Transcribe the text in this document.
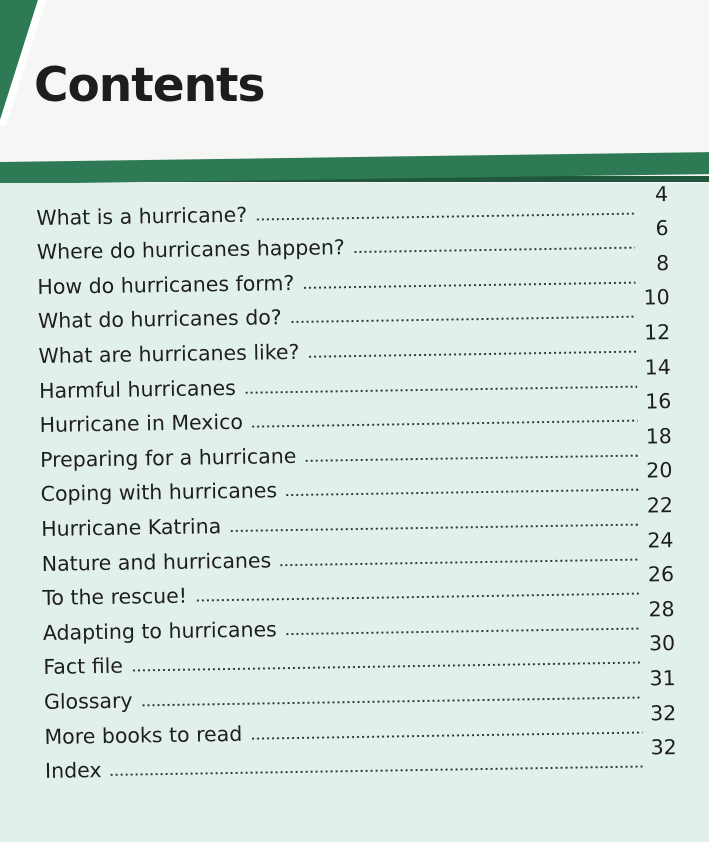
Contents
What is a hurricane?
4
Where do hurricanes happen?
6
How do hurricanes form?
8
What do hurricanes do?
10
What are hurricanes like?
12
Harmful hurricanes
14
Hurricane in Mexico
16
Preparing for a hurricane
18
Coping with hurricanes
20
Hurricane Katrina
22
Nature and hurricanes
24
To the rescue!
26
Adapting to hurricanes
28
Fact file
30
Glossary
31
More books to read
32
Index
32
